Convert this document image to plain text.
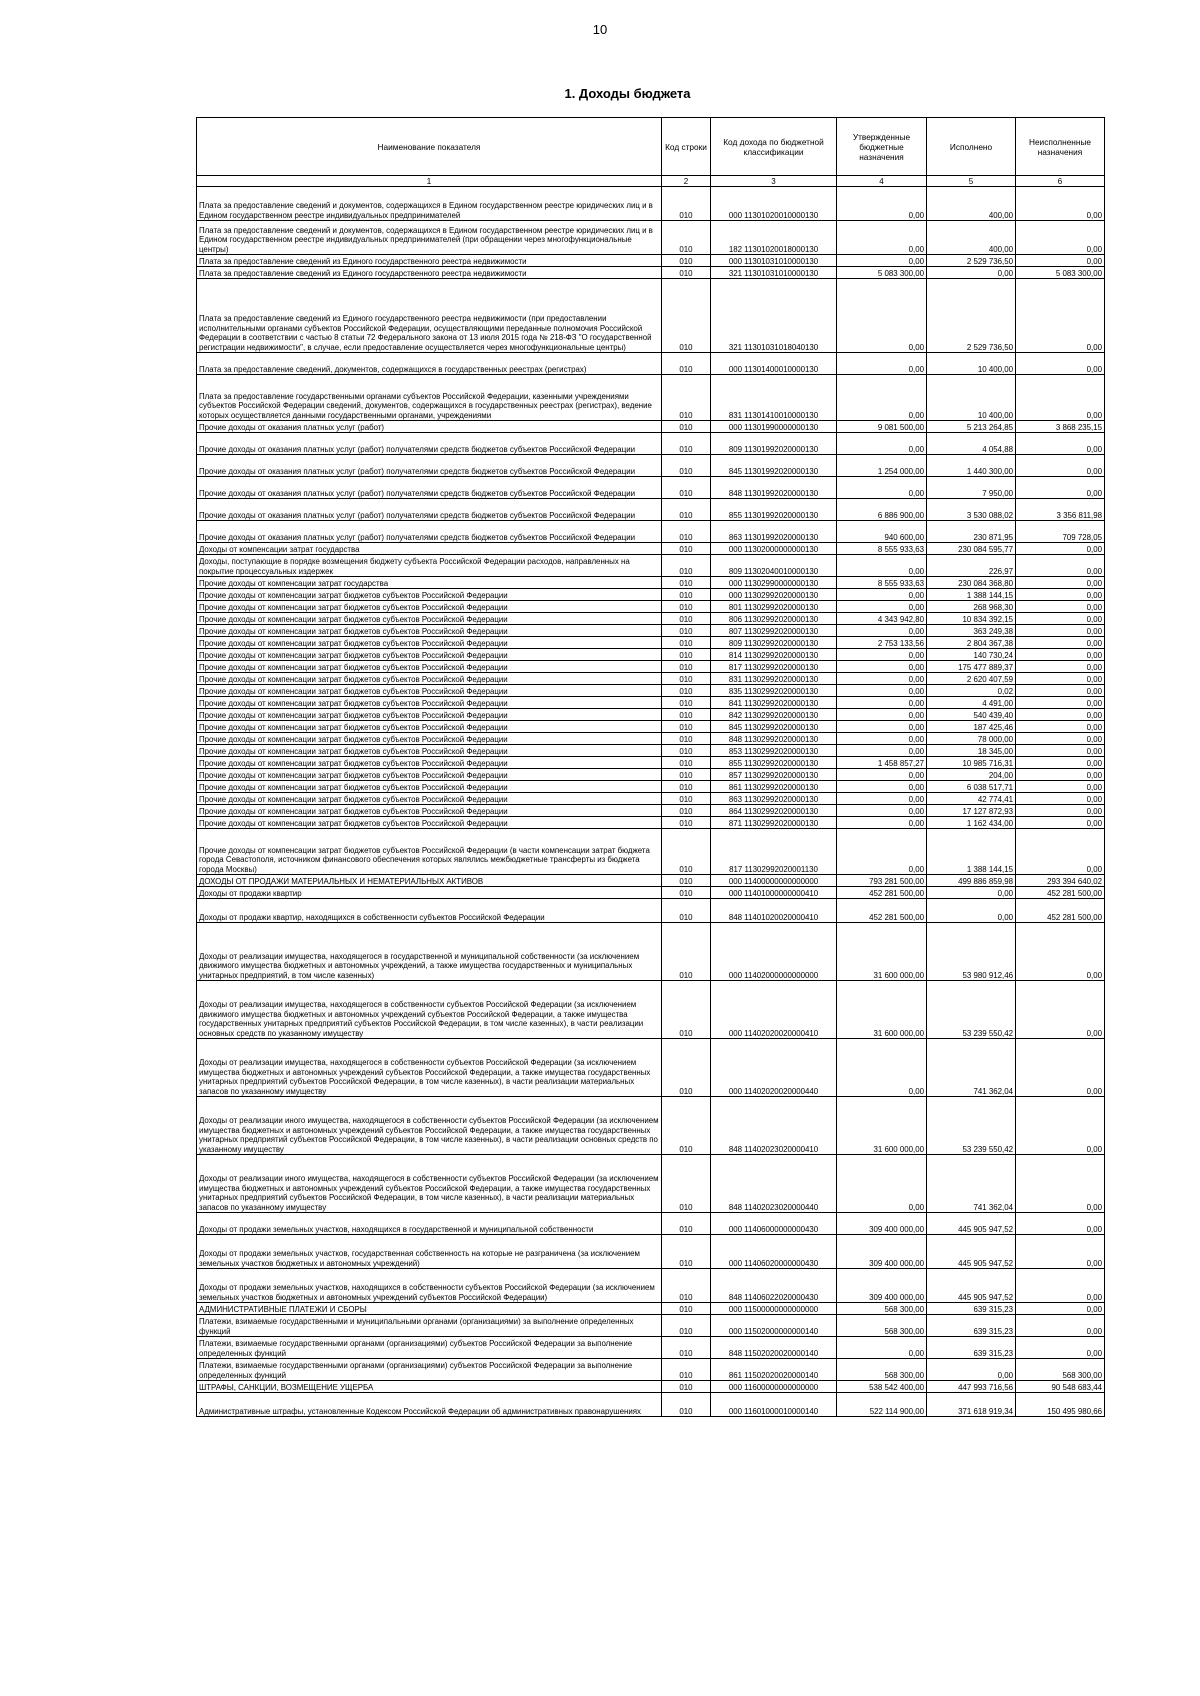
10
1. Доходы бюджета
Наименование показателя	Код строки	Код дохода по бюджетной классификации	Утвержденные бюджетные назначения	Исполнено	Неисполненные назначения
1	2	3	4	5	6
Плата за предоставление сведений и документов, содержащихся в Едином государственном реестре юридических лиц и в Едином государственном реестре индивидуальных предпринимателей	010	000 11301020010000130	0,00	400,00	0,00
Плата за предоставление сведений и документов, содержащихся в Едином государственном реестре юридических лиц и в Едином государственном реестре индивидуальных предпринимателей (при обращении через многофункциональные центры)	010	182 11301020018000130	0,00	400,00	0,00
Плата за предоставление сведений из Единого государственного реестра недвижимости	010	000 11301031010000130	0,00	2 529 736,50	0,00
Плата за предоставление сведений из Единого государственного реестра недвижимости	010	321 11301031010000130	5 083 300,00	0,00	5 083 300,00
Плата за предоставление сведений из Единого государственного реестра недвижимости (при предоставлении исполнительными органами субъектов Российской Федерации, осуществляющими переданные полномочия Российской Федерации в соответствии с частью 8 статьи 72 Федерального закона от 13 июля 2015 года № 218-ФЗ "О государственной регистрации недвижимости", в случае, если предоставление осуществляется через многофункциональные центры)	010	321 11301031018040130	0,00	2 529 736,50	0,00
Плата за предоставление сведений, документов, содержащихся в государственных реестрах (регистрах)	010	000 11301400010000130	0,00	10 400,00	0,00
Плата за предоставление государственными органами субъектов Российской Федерации, казенными учреждениями субъектов Российской Федерации сведений, документов, содержащихся в государственных реестрах (регистрах), ведение которых осуществляется данными государственными органами, учреждениями	010	831 11301410010000130	0,00	10 400,00	0,00
Прочие доходы от оказания платных услуг (работ)	010	000 11301990000000130	9 081 500,00	5 213 264,85	3 868 235,15
Прочие доходы от оказания платных услуг (работ) получателями средств бюджетов субъектов Российской Федерации	010	809 11301992020000130	0,00	4 054,88	0,00
Прочие доходы от оказания платных услуг (работ) получателями средств бюджетов субъектов Российской Федерации	010	845 11301992020000130	1 254 000,00	1 440 300,00	0,00
Прочие доходы от оказания платных услуг (работ) получателями средств бюджетов субъектов Российской Федерации	010	848 11301992020000130	0,00	7 950,00	0,00
Прочие доходы от оказания платных услуг (работ) получателями средств бюджетов субъектов Российской Федерации	010	855 11301992020000130	6 886 900,00	3 530 088,02	3 356 811,98
Прочие доходы от оказания платных услуг (работ) получателями средств бюджетов субъектов Российской Федерации	010	863 11301992020000130	940 600,00	230 871,95	709 728,05
Доходы от компенсации затрат государства	010	000 11302000000000130	8 555 933,63	230 084 595,77	0,00
Доходы, поступающие в порядке возмещения бюджету субъекта Российской Федерации расходов, направленных на покрытие процессуальных издержек	010	809 11302040010000130	0,00	226,97	0,00
Прочие доходы от компенсации затрат государства	010	000 11302990000000130	8 555 933,63	230 084 368,80	0,00
Прочие доходы от компенсации затрат бюджетов субъектов Российской Федерации	010	000 11302992020000130	0,00	1 388 144,15	0,00
Прочие доходы от компенсации затрат бюджетов субъектов Российской Федерации	010	801 11302992020000130	0,00	268 968,30	0,00
Прочие доходы от компенсации затрат бюджетов субъектов Российской Федерации	010	806 11302992020000130	4 343 942,80	10 834 392,15	0,00
Прочие доходы от компенсации затрат бюджетов субъектов Российской Федерации	010	807 11302992020000130	0,00	363 249,38	0,00
Прочие доходы от компенсации затрат бюджетов субъектов Российской Федерации	010	809 11302992020000130	2 753 133,56	2 804 367,38	0,00
Прочие доходы от компенсации затрат бюджетов субъектов Российской Федерации	010	814 11302992020000130	0,00	140 730,24	0,00
Прочие доходы от компенсации затрат бюджетов субъектов Российской Федерации	010	817 11302992020000130	0,00	175 477 889,37	0,00
Прочие доходы от компенсации затрат бюджетов субъектов Российской Федерации	010	831 11302992020000130	0,00	2 620 407,59	0,00
Прочие доходы от компенсации затрат бюджетов субъектов Российской Федерации	010	835 11302992020000130	0,00	0,02	0,00
Прочие доходы от компенсации затрат бюджетов субъектов Российской Федерации	010	841 11302992020000130	0,00	4 491,00	0,00
Прочие доходы от компенсации затрат бюджетов субъектов Российской Федерации	010	842 11302992020000130	0,00	540 439,40	0,00
Прочие доходы от компенсации затрат бюджетов субъектов Российской Федерации	010	845 11302992020000130	0,00	187 425,46	0,00
Прочие доходы от компенсации затрат бюджетов субъектов Российской Федерации	010	848 11302992020000130	0,00	78 000,00	0,00
Прочие доходы от компенсации затрат бюджетов субъектов Российской Федерации	010	853 11302992020000130	0,00	18 345,00	0,00
Прочие доходы от компенсации затрат бюджетов субъектов Российской Федерации	010	855 11302992020000130	1 458 857,27	10 985 716,31	0,00
Прочие доходы от компенсации затрат бюджетов субъектов Российской Федерации	010	857 11302992020000130	0,00	204,00	0,00
Прочие доходы от компенсации затрат бюджетов субъектов Российской Федерации	010	861 11302992020000130	0,00	6 038 517,71	0,00
Прочие доходы от компенсации затрат бюджетов субъектов Российской Федерации	010	863 11302992020000130	0,00	42 774,41	0,00
Прочие доходы от компенсации затрат бюджетов субъектов Российской Федерации	010	864 11302992020000130	0,00	17 127 872,93	0,00
Прочие доходы от компенсации затрат бюджетов субъектов Российской Федерации	010	871 11302992020000130	0,00	1 162 434,00	0,00
Прочие доходы от компенсации затрат бюджетов субъектов Российской Федерации (в части компенсации затрат бюджета города Севастополя, источником финансового обеспечения которых являлись межбюджетные трансферты из бюджета города Москвы)	010	817 11302992020001130	0,00	1 388 144,15	0,00
ДОХОДЫ ОТ ПРОДАЖИ МАТЕРИАЛЬНЫХ И НЕМАТЕРИАЛЬНЫХ АКТИВОВ	010	000 11400000000000000	793 281 500,00	499 886 859,98	293 394 640,02
Доходы от продажи квартир	010	000 11401000000000410	452 281 500,00	0,00	452 281 500,00
Доходы от продажи квартир, находящихся в собственности субъектов Российской Федерации	010	848 11401020020000410	452 281 500,00	0,00	452 281 500,00
Доходы от реализации имущества, находящегося в государственной и муниципальной собственности (за исключением движимого имущества бюджетных и автономных учреждений, а также имущества государственных и муниципальных унитарных предприятий, в том числе казенных)	010	000 11402000000000000	31 600 000,00	53 980 912,46	0,00
Доходы от реализации имущества, находящегося в собственности субъектов Российской Федерации (за исключением движимого имущества бюджетных и автономных учреждений субъектов Российской Федерации, а также имущества государственных унитарных предприятий субъектов Российской Федерации, в том числе казенных), в части реализации основных средств по указанному имуществу	010	000 11402020020000410	31 600 000,00	53 239 550,42	0,00
Доходы от реализации имущества, находящегося в собственности субъектов Российской Федерации (за исключением имущества бюджетных и автономных учреждений субъектов Российской Федерации, а также имущества государственных унитарных предприятий субъектов Российской Федерации, в том числе казенных), в части реализации материальных запасов по указанному имуществу	010	000 11402020020000440	0,00	741 362,04	0,00
Доходы от реализации иного имущества, находящегося в собственности субъектов Российской Федерации (за исключением имущества бюджетных и автономных учреждений субъектов Российской Федерации, а также имущества государственных унитарных предприятий субъектов Российской Федерации, в том числе казенных), в части реализации основных средств по указанному имуществу	010	848 11402023020000410	31 600 000,00	53 239 550,42	0,00
Доходы от реализации иного имущества, находящегося в собственности субъектов Российской Федерации (за исключением имущества бюджетных и автономных учреждений субъектов Российской Федерации, а также имущества государственных унитарных предприятий субъектов Российской Федерации, в том числе казенных), в части реализации материальных запасов по указанному имуществу	010	848 11402023020000440	0,00	741 362,04	0,00
Доходы от продажи земельных участков, находящихся в государственной и муниципальной собственности	010	000 11406000000000430	309 400 000,00	445 905 947,52	0,00
Доходы от продажи земельных участков, государственная собственность на которые не разграничена (за исключением земельных участков бюджетных и автономных учреждений)	010	000 11406020000000430	309 400 000,00	445 905 947,52	0,00
Доходы от продажи земельных участков, находящихся в собственности субъектов Российской Федерации (за исключением земельных участков бюджетных и автономных учреждений субъектов Российской Федерации)	010	848 11406022020000430	309 400 000,00	445 905 947,52	0,00
АДМИНИСТРАТИВНЫЕ ПЛАТЕЖИ И СБОРЫ	010	000 11500000000000000	568 300,00	639 315,23	0,00
Платежи, взимаемые государственными и муниципальными органами (организациями) за выполнение определенных функций	010	000 11502000000000140	568 300,00	639 315,23	0,00
Платежи, взимаемые государственными органами (организациями) субъектов Российской Федерации за выполнение определенных функций	010	848 11502020020000140	0,00	639 315,23	0,00
Платежи, взимаемые государственными органами (организациями) субъектов Российской Федерации за выполнение определенных функций	010	861 11502020020000140	568 300,00	0,00	568 300,00
ШТРАФЫ, САНКЦИИ, ВОЗМЕЩЕНИЕ УЩЕРБА	010	000 11600000000000000	538 542 400,00	447 993 716,56	90 548 683,44
Административные штрафы, установленные Кодексом Российской Федерации об административных правонарушениях	010	000 11601000010000140	522 114 900,00	371 618 919,34	150 495 980,66
